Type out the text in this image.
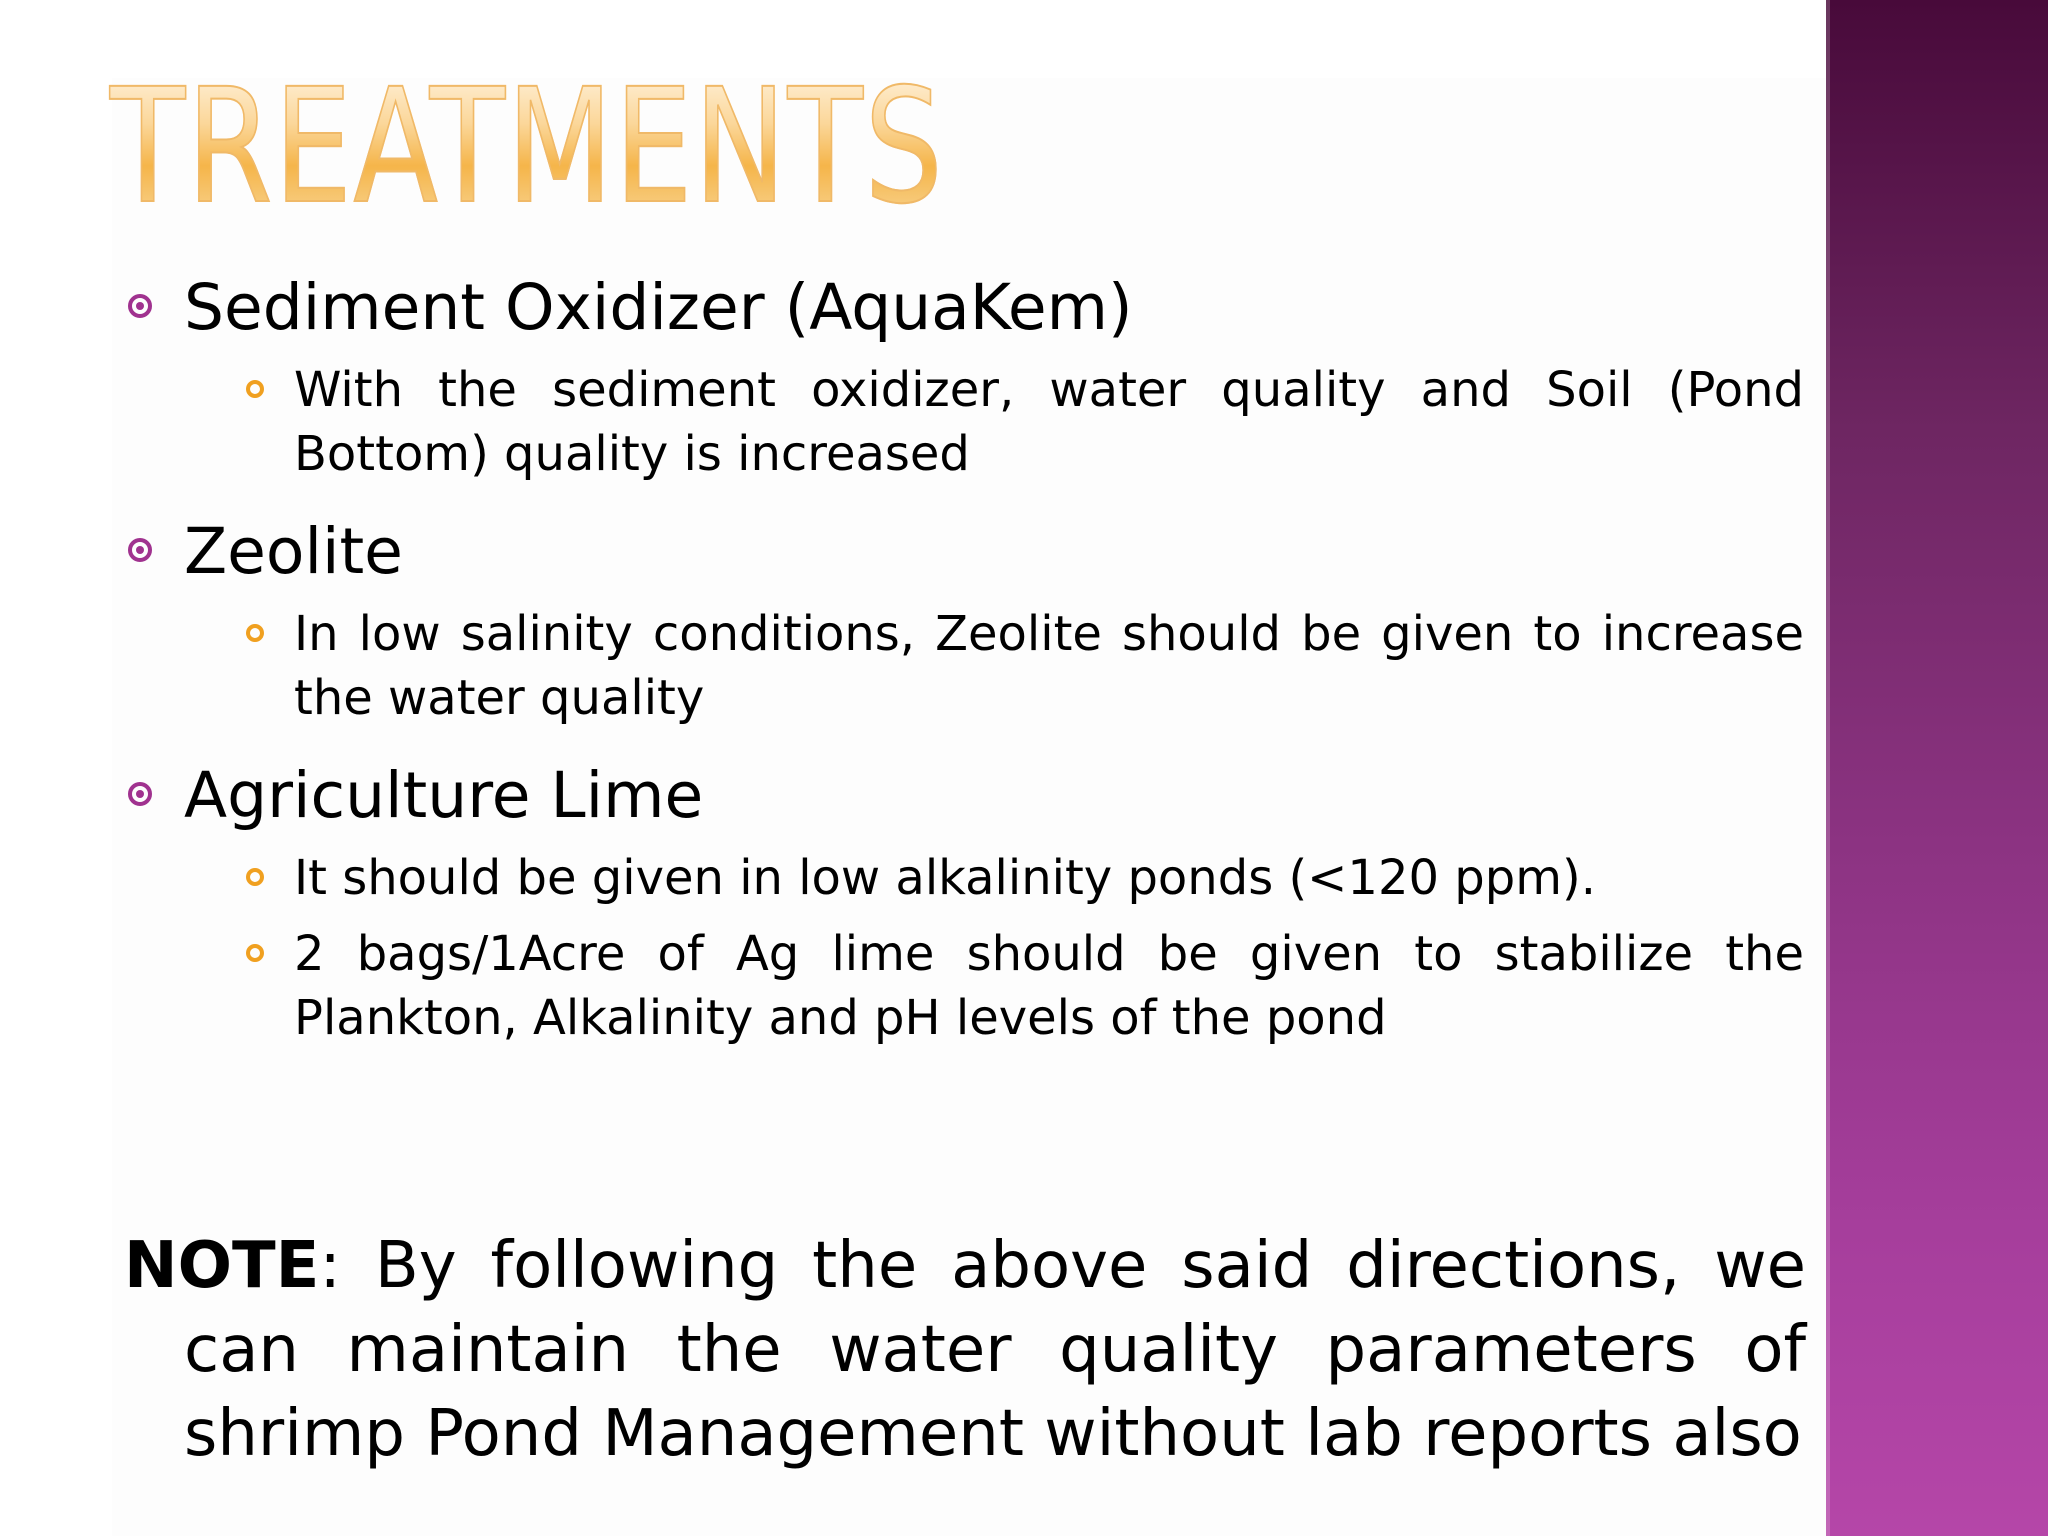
TREATMENTS

Sediment Oxidizer (AquaKem)

With the sediment oxidizer, water quality and Soil (Pond Bottom) quality is increased

Zeolite

In low salinity conditions, Zeolite should be given to increase the water quality

Agriculture Lime

It should be given in low alkalinity ponds (<120 ppm).

2 bags/1Acre of Ag lime should be given to stabilize the Plankton, Alkalinity and pH levels of the pond

NOTE: By following the above said directions, we can maintain the water quality parameters of shrimp Pond Management without lab reports also
